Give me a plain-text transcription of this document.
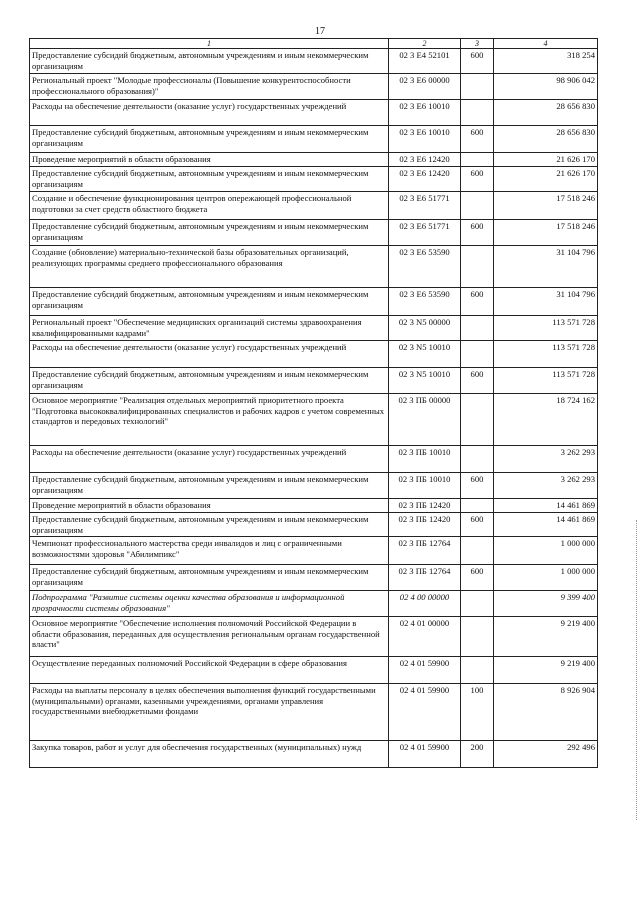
17
1	2	3	4
Предоставление субсидий бюджетным, автономным учреждениям и иным некоммерческим организациям	02 3 Е4 52101	600	318 254
Региональный проект "Молодые профессионалы (Повышение конкурентоспособности профессионального образования)"	02 3 Е6 00000		98 906 042
Расходы на обеспечение деятельности (оказание услуг) государственных учреждений	02 3 Е6 10010		28 656 830
Предоставление субсидий бюджетным, автономным учреждениям и иным некоммерческим организациям	02 3 Е6 10010	600	28 656 830
Проведение мероприятий в области образования	02 3 Е6 12420		21 626 170
Предоставление субсидий бюджетным, автономным учреждениям и иным некоммерческим организациям	02 3 Е6 12420	600	21 626 170
Создание и обеспечение функционирования центров опережающей профессиональной подготовки за счет средств областного бюджета	02 3 Е6 51771		17 518 246
Предоставление субсидий бюджетным, автономным учреждениям и иным некоммерческим организациям	02 3 Е6 51771	600	17 518 246
Создание (обновление) материально-технической базы образовательных организаций, реализующих программы среднего профессионального образования	02 3 Е6 53590		31 104 796
Предоставление субсидий бюджетным, автономным учреждениям и иным некоммерческим организациям	02 3 Е6 53590	600	31 104 796
Региональный проект "Обеспечение медицинских организаций системы здравоохранения квалифицированными кадрами"	02 3 N5 00000		113 571 728
Расходы на обеспечение деятельности (оказание услуг) государственных учреждений	02 3 N5 10010		113 571 728
Предоставление субсидий бюджетным, автономным учреждениям и иным некоммерческим организациям	02 3 N5 10010	600	113 571 728
Основное мероприятие "Реализация отдельных мероприятий приоритетного проекта "Подготовка высококвалифицированных специалистов и рабочих кадров с учетом современных стандартов и передовых технологий"	02 3 ПБ 00000		18 724 162
Расходы на обеспечение деятельности (оказание услуг) государственных учреждений	02 3 ПБ 10010		3 262 293
Предоставление субсидий бюджетным, автономным учреждениям и иным некоммерческим организациям	02 3 ПБ 10010	600	3 262 293
Проведение мероприятий в области образования	02 3 ПБ 12420		14 461 869
Предоставление субсидий бюджетным, автономным учреждениям и иным некоммерческим организациям	02 3 ПБ 12420	600	14 461 869
Чемпионат профессионального мастерства среди инвалидов и лиц с ограниченными возможностями здоровья "Абилимпикс"	02 3 ПБ 12764		1 000 000
Предоставление субсидий бюджетным, автономным учреждениям и иным некоммерческим организациям	02 3 ПБ 12764	600	1 000 000
Подпрограмма "Развитие системы оценки качества образования и информационной прозрачности системы образования"	02 4 00 00000		9 399 400
Основное мероприятие "Обеспечение исполнения полномочий Российской Федерации в области образования, переданных для осуществления региональным органам государственной власти"	02 4 01 00000		9 219 400
Осуществление переданных полномочий Российской Федерации в сфере образования	02 4 01 59900		9 219 400
Расходы на выплаты персоналу в целях обеспечения выполнения функций государственными (муниципальными) органами, казенными учреждениями, органами управления государственными внебюджетными фондами	02 4 01 59900	100	8 926 904
Закупка товаров, работ и услуг для обеспечения государственных (муниципальных) нужд	02 4 01 59900	200	292 496
